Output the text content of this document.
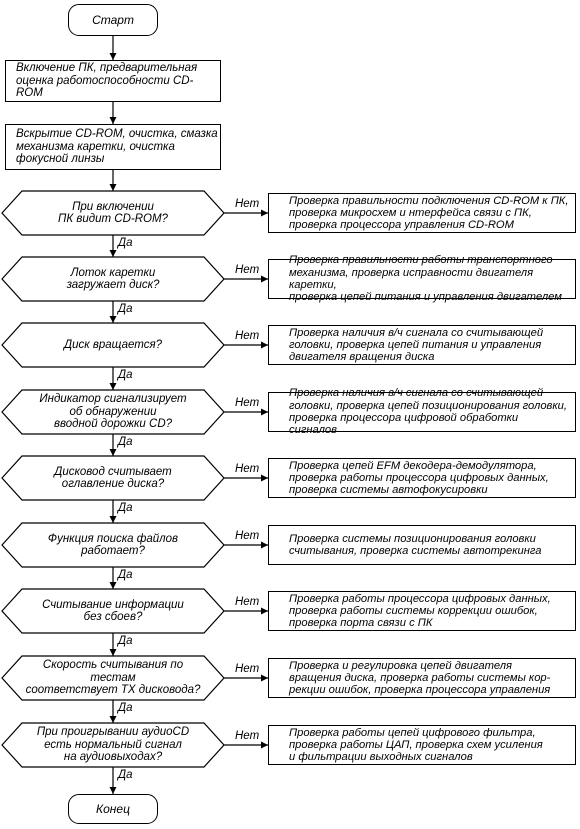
Старт
Включение ПК, предварительная
оценка работоспособности CD-ROM
Вскрытие CD-ROM, очистка, смазка
механизма каретки, очистка
фокусной линзы
При включении
ПК видит CD-ROM?
Нет
Да
Проверка правильности подключения CD-ROM к ПК,
проверка микросхем и нтерфейса связи с ПК,
проверка процессора управления CD-ROM
Лоток каретки
загружает диск?
Нет
Да
Проверка правильности работы транспортного
механизма, проверка исправности двигателя каретки,
проверка цепей питания и управления двигателем
Диск вращается?
Нет
Да
Проверка наличия в/ч сигнала со считывающей
головки, проверка цепей питания и управления
двигателя вращения диска
Индикатор сигнализирует
об обнаружении
вводной дорожки CD?
Нет
Да
Проверка наличия в/ч сигнала со считывающей
головки, проверка цепей позиционирования головки,
проверка процессора цифровой обработки сигналов
Дисковод считывает
оглавление диска?
Нет
Да
Проверка цепей EFM декодера-демодулятора,
проверка работы процессора цифровых данных,
проверка системы автофокусировки
Функция поиска файлов
работает?
Нет
Да
Проверка системы позиционирования головки
считывания, проверка системы автотрекинга
Считывание информации
без сбоев?
Нет
Да
Проверка работы процессора цифровых данных,
проверка работы системы коррекции ошибок,
проверка порта связи с ПК
Скорость считывания по тестам
соответствует ТХ дисковода?
Нет
Да
Проверка и регулировка цепей двигателя
вращения диска, проверка работы системы кор-
рекции ошибок, проверка процессора управления
При проигрывании аудиоCD
есть нормальный сигнал
на аудиовыходах?
Нет
Да
Проверка работы цепей цифрового фильтра,
проверка работы ЦАП, проверка схем усиления
и фильтрации выходных сигналов
Конец
